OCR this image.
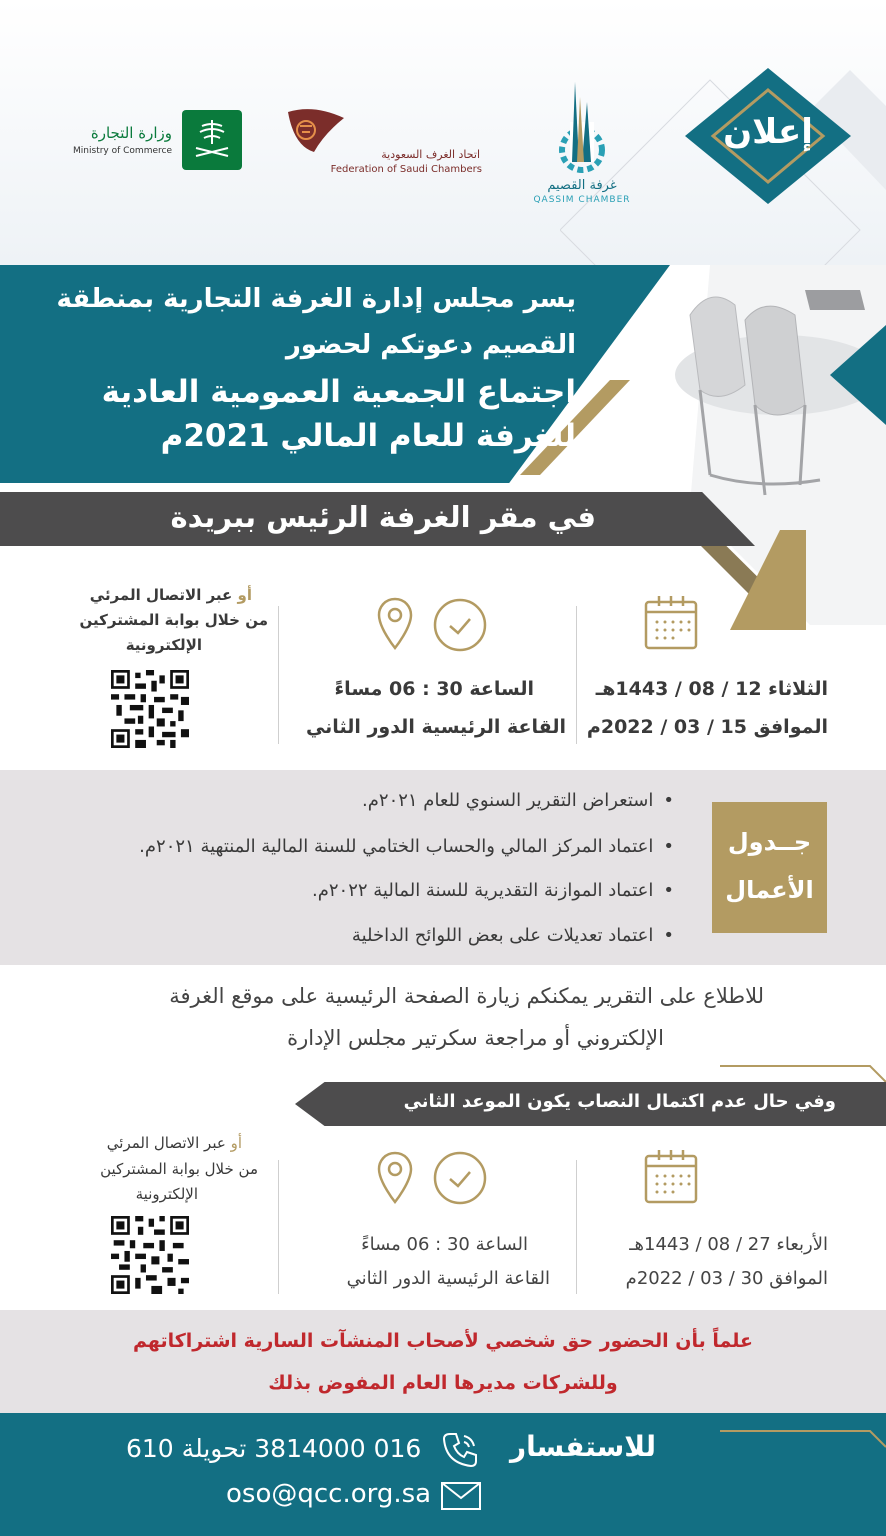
إعلان
غرفة القصيم
QASSIM CHAMBER
اتحاد الغرف السعودية
Federation of Saudi Chambers
وزارة التجارة
Ministry of Commerce
يسر مجلس إدارة الغرفة التجارية بمنطقة
القصيم دعوتكم لحضور
اجتماع الجمعية العمومية العادية
للغرفة للعام المالي 2021م
في مقر الغرفة الرئيس ببريدة
الثلاثاء 12 / 08 / 1443هـ
الموافق 15 / 03 / 2022م
الساعة 30 : 06 مساءً
القاعة الرئيسية الدور الثاني
أو عبر الاتصال المرئي
من خلال بوابة المشتركين
الإلكترونية
جــدول
الأعمال
•استعراض التقرير السنوي للعام ٢٠٢١م.
•اعتماد المركز المالي والحساب الختامي للسنة المالية المنتهية ٢٠٢١م.
•اعتماد الموازنة التقديرية للسنة المالية ٢٠٢٢م.
•اعتماد تعديلات على بعض اللوائح الداخلية
للاطلاع على التقرير يمكنكم زيارة الصفحة الرئيسية على موقع الغرفة
الإلكتروني أو مراجعة سكرتير مجلس الإدارة
وفي حال عدم اكتمال النصاب يكون الموعد الثاني
الأربعاء 27 / 08 / 1443هـ
الموافق 30 / 03 / 2022م
الساعة 30 : 06 مساءً
القاعة الرئيسية الدور الثاني
أو عبر الاتصال المرئي
من خلال بوابة المشتركين
الإلكترونية
علماً بأن الحضور حق شخصي لأصحاب المنشآت السارية اشتراكاتهم
وللشركات مديرها العام المفوض بذلك
للاستفسار
016 3814000 تحويلة 610
oso@qcc.org.sa
